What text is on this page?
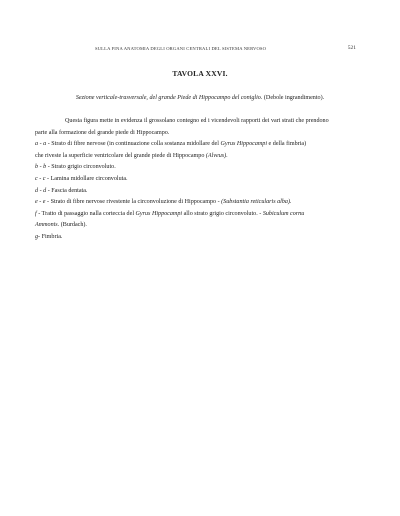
SULLA FINA ANATOMIA DEGLI ORGANI CENTRALI DEL SISTEMA NERVOSO	521
TAVOLA XXVI.
Sezione verticale-trasversale, del grande Piede di Hippocampo del coniglio. (Debole ingrandimento).

Questa figura mette in evidenza il grossolano contegno ed i vicendevoli rapporti dei vari strati che prendono

parte alla formazione del grande piede di Hippocampo.

a - a - Strato di fibre nervose (in continuazione colla sostanza midollare del Gyrus Hippocampi e della fimbria)
che riveste la superficie ventricolare del grande piede di Hippocampo (Alveus).

b - b - Strato grigio circonvoluto.

c - c - Lamina midollare circonvoluta.

d - d - Fascia dentata.

e - e - Strato di fibre nervose rivestente la circonvoluzione di Hippocampo - (Substantia reticularis alba).

f - Tratto di passaggio nalla corteccia del Gyrus Hippocampi allo strato grigio circonvoluto. - Subiculum cornu
Ammonis. (Burdach).

g- Fimbria.
